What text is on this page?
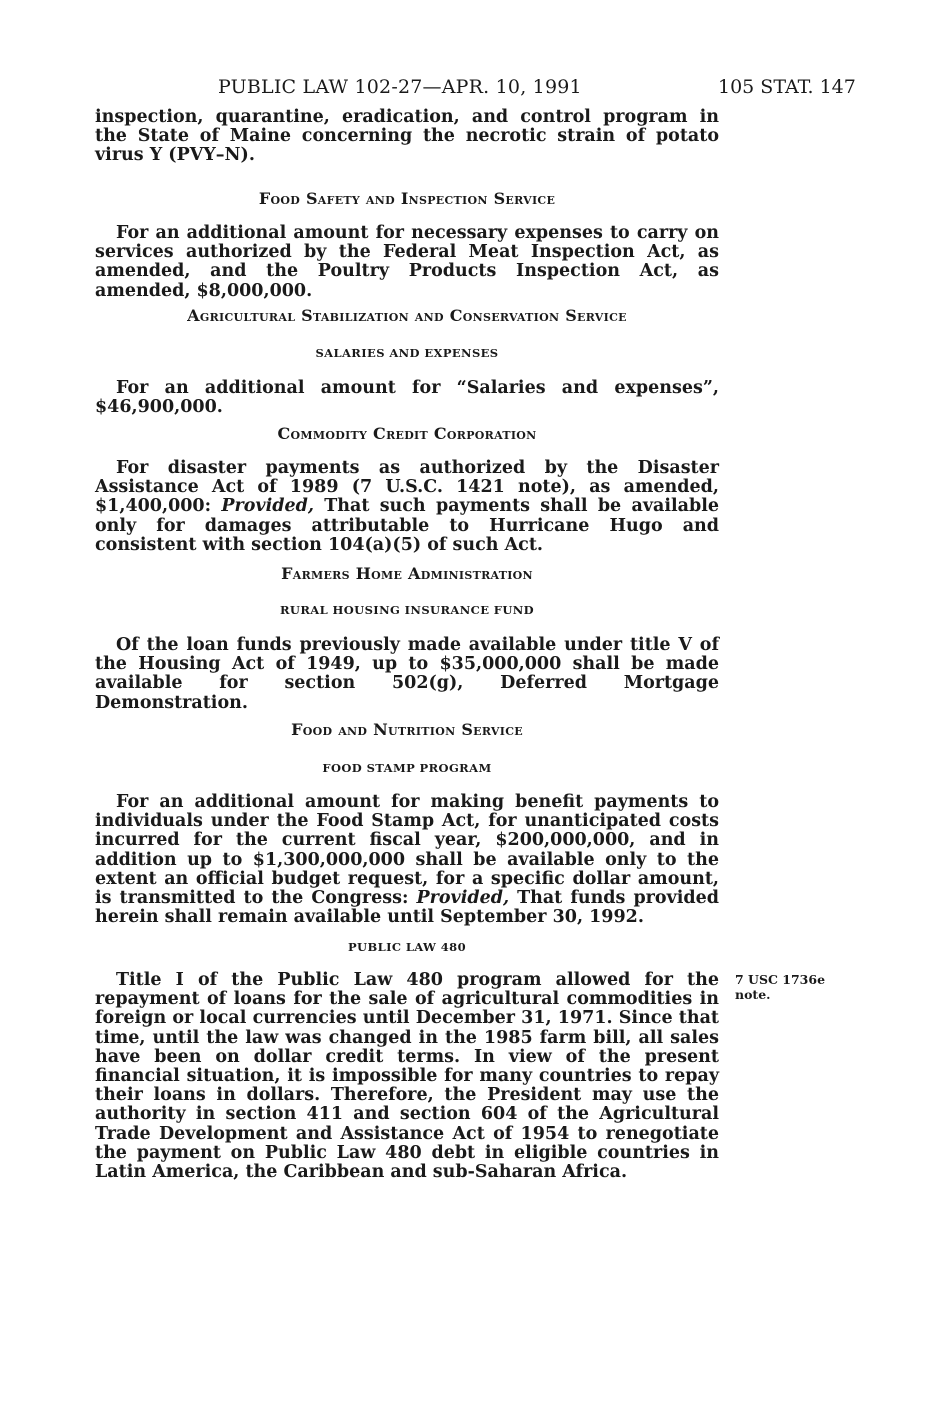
PUBLIC LAW 102-27—APR. 10, 1991	105 STAT. 147

inspection, quarantine, eradication, and control program in the State of Maine concerning the necrotic strain of potato virus Y (PVY–N).

Food Safety and Inspection Service

For an additional amount for necessary expenses to carry on services authorized by the Federal Meat Inspection Act, as amended, and the Poultry Products Inspection Act, as amended, $8,000,000.

Agricultural Stabilization and Conservation Service
SALARIES AND EXPENSES

For an additional amount for “Salaries and expenses”, $46,900,000.

Commodity Credit Corporation

For disaster payments as authorized by the Disaster Assistance Act of 1989 (7 U.S.C. 1421 note), as amended, $1,400,000: Provided, That such payments shall be available only for damages attributable to Hurricane Hugo and consistent with section 104(a)(5) of such Act.

Farmers Home Administration
RURAL HOUSING INSURANCE FUND

Of the loan funds previously made available under title V of the Housing Act of 1949, up to $35,000,000 shall be made available for section 502(g), Deferred Mortgage Demonstration.

Food and Nutrition Service
FOOD STAMP PROGRAM

For an additional amount for making benefit payments to individuals under the Food Stamp Act, for unanticipated costs incurred for the current fiscal year, $200,000,000, and in addition up to $1,300,000,000 shall be available only to the extent an official budget request, for a specific dollar amount, is transmitted to the Congress: Provided, That funds provided herein shall remain available until September 30, 1992.

PUBLIC LAW 480

Title I of the Public Law 480 program allowed for the repayment of loans for the sale of agricultural commodities in foreign or local currencies until December 31, 1971. Since that time, until the law was changed in the 1985 farm bill, all sales have been on dollar credit terms. In view of the present financial situation, it is impossible for many countries to repay their loans in dollars. Therefore, the President may use the authority in section 411 and section 604 of the Agricultural Trade Development and Assistance Act of 1954 to renegotiate the payment on Public Law 480 debt in eligible countries in Latin America, the Caribbean and sub-Saharan Africa.

7 USC 1736e
note.
